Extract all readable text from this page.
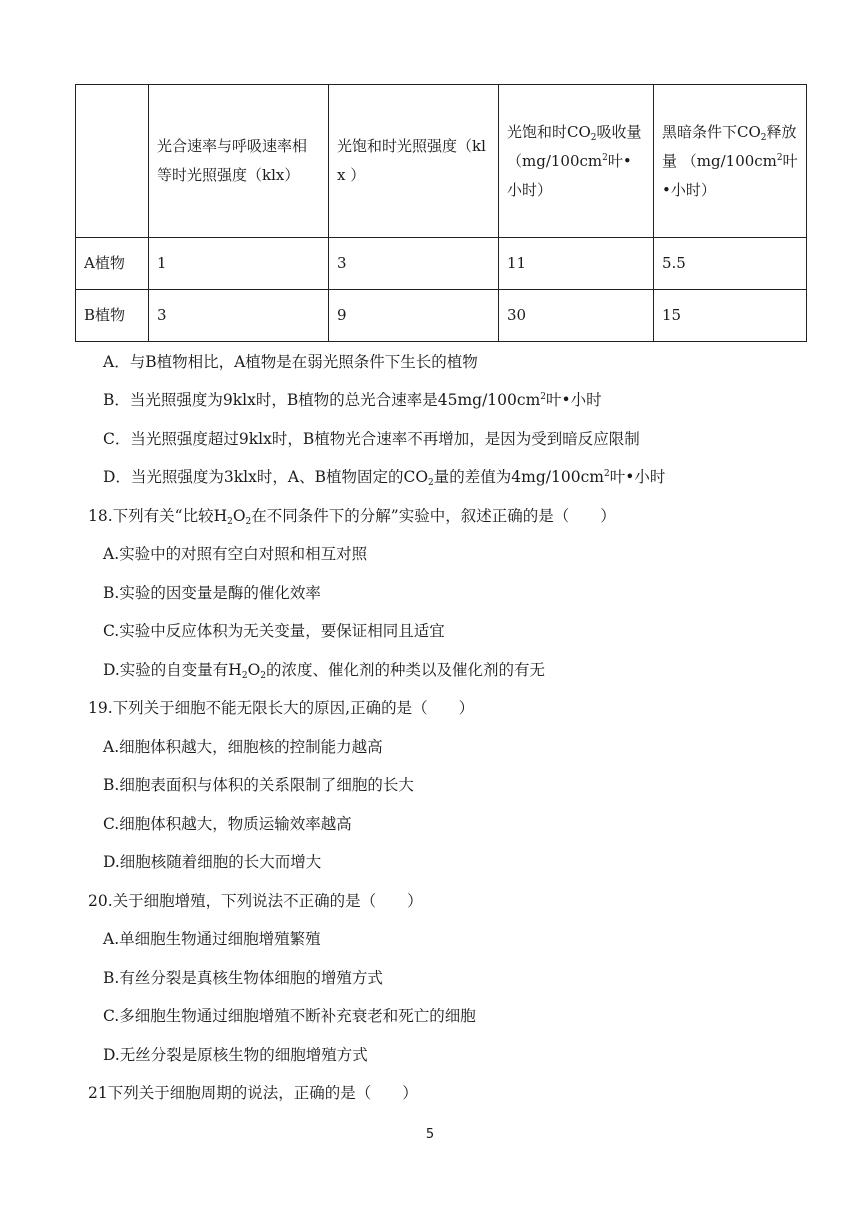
	光合速率与呼吸速率相等时光照强度（klx）	光饱和时光照强度（klx ）	光饱和时$CO_2$吸收量（$mg/100cm^2$叶•小时）	黑暗条件下$CO_2$释放量 （$mg/100cm^2$叶•小时）
A植物	1	3	11	5.5
B植物	3	9	30	15
A．与B植物相比，A植物是在弱光照条件下生长的植物
B．当光照强度为9klx时，B植物的总光合速率是$45mg/100cm^2$叶•小时
C．当光照强度超过9klx时，B植物光合速率不再增加，是因为受到暗反应限制
D．当光照强度为3klx时，A、B植物固定的$CO_2$量的差值为$4mg/100cm^2$叶•小时
18.下列有关“比较$H_2O_2$在不同条件下的分解”实验中，叙述正确的是（　　）
A.实验中的对照有空白对照和相互对照
B.实验的因变量是酶的催化效率
C.实验中反应体积为无关变量，要保证相同且适宜
D.实验的自变量有$H_2O_2$的浓度、催化剂的种类以及催化剂的有无
19.下列关于细胞不能无限长大的原因,正确的是（　　）
A.细胞体积越大，细胞核的控制能力越高
B.细胞表面积与体积的关系限制了细胞的长大
C.细胞体积越大，物质运输效率越高
D.细胞核随着细胞的长大而增大
20.关于细胞增殖，下列说法不正确的是（　　）
A.单细胞生物通过细胞增殖繁殖
B.有丝分裂是真核生物体细胞的增殖方式
C.多细胞生物通过细胞增殖不断补充衰老和死亡的细胞
D.无丝分裂是原核生物的细胞增殖方式
21下列关于细胞周期的说法，正确的是（　　）
5
